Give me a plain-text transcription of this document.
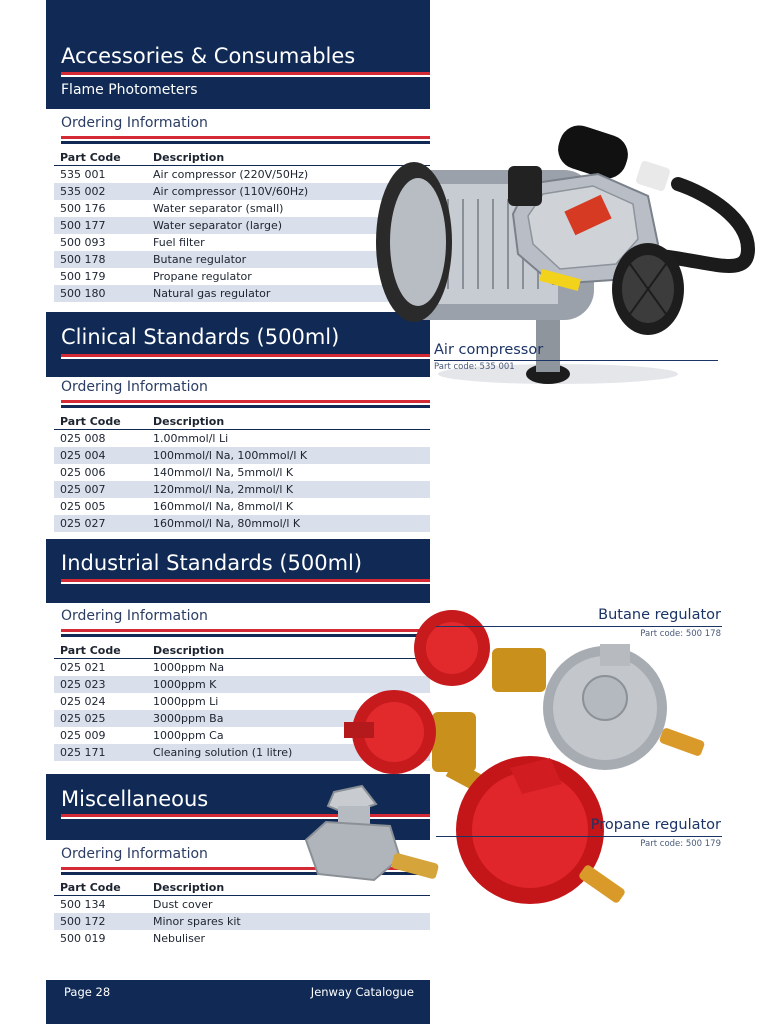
Accessories & Consumables
Flame Photometers
Ordering Information
Part Code	Description
535 001	Air compressor (220V/50Hz)
535 002	Air compressor (110V/60Hz)
500 176	Water separator (small)
500 177	Water separator (large)
500 093	Fuel filter
500 178	Butane regulator
500 179	Propane regulator
500 180	Natural gas regulator
Clinical Standards (500ml)
Ordering Information
Part Code	Description
025 008	1.00mmol/l Li
025 004	100mmol/l Na, 100mmol/l K
025 006	140mmol/l Na, 5mmol/l K
025 007	120mmol/l Na, 2mmol/l K
025 005	160mmol/l Na, 8mmol/l K
025 027	160mmol/l Na, 80mmol/l K
Industrial Standards (500ml)
Ordering Information
Part Code	Description
025 021	1000ppm Na
025 023	1000ppm K
025 024	1000ppm Li
025 025	3000ppm Ba
025 009	1000ppm Ca
025 171	Cleaning solution (1 litre)
Miscellaneous
Ordering Information
Part Code	Description
500 134	Dust cover
500 172	Minor spares kit
500 019	Nebuliser
Air compressor
Part code: 535 001
Butane regulator
Part code: 500 178
Propane regulator
Part code: 500 179
Page 28	Jenway Catalogue
